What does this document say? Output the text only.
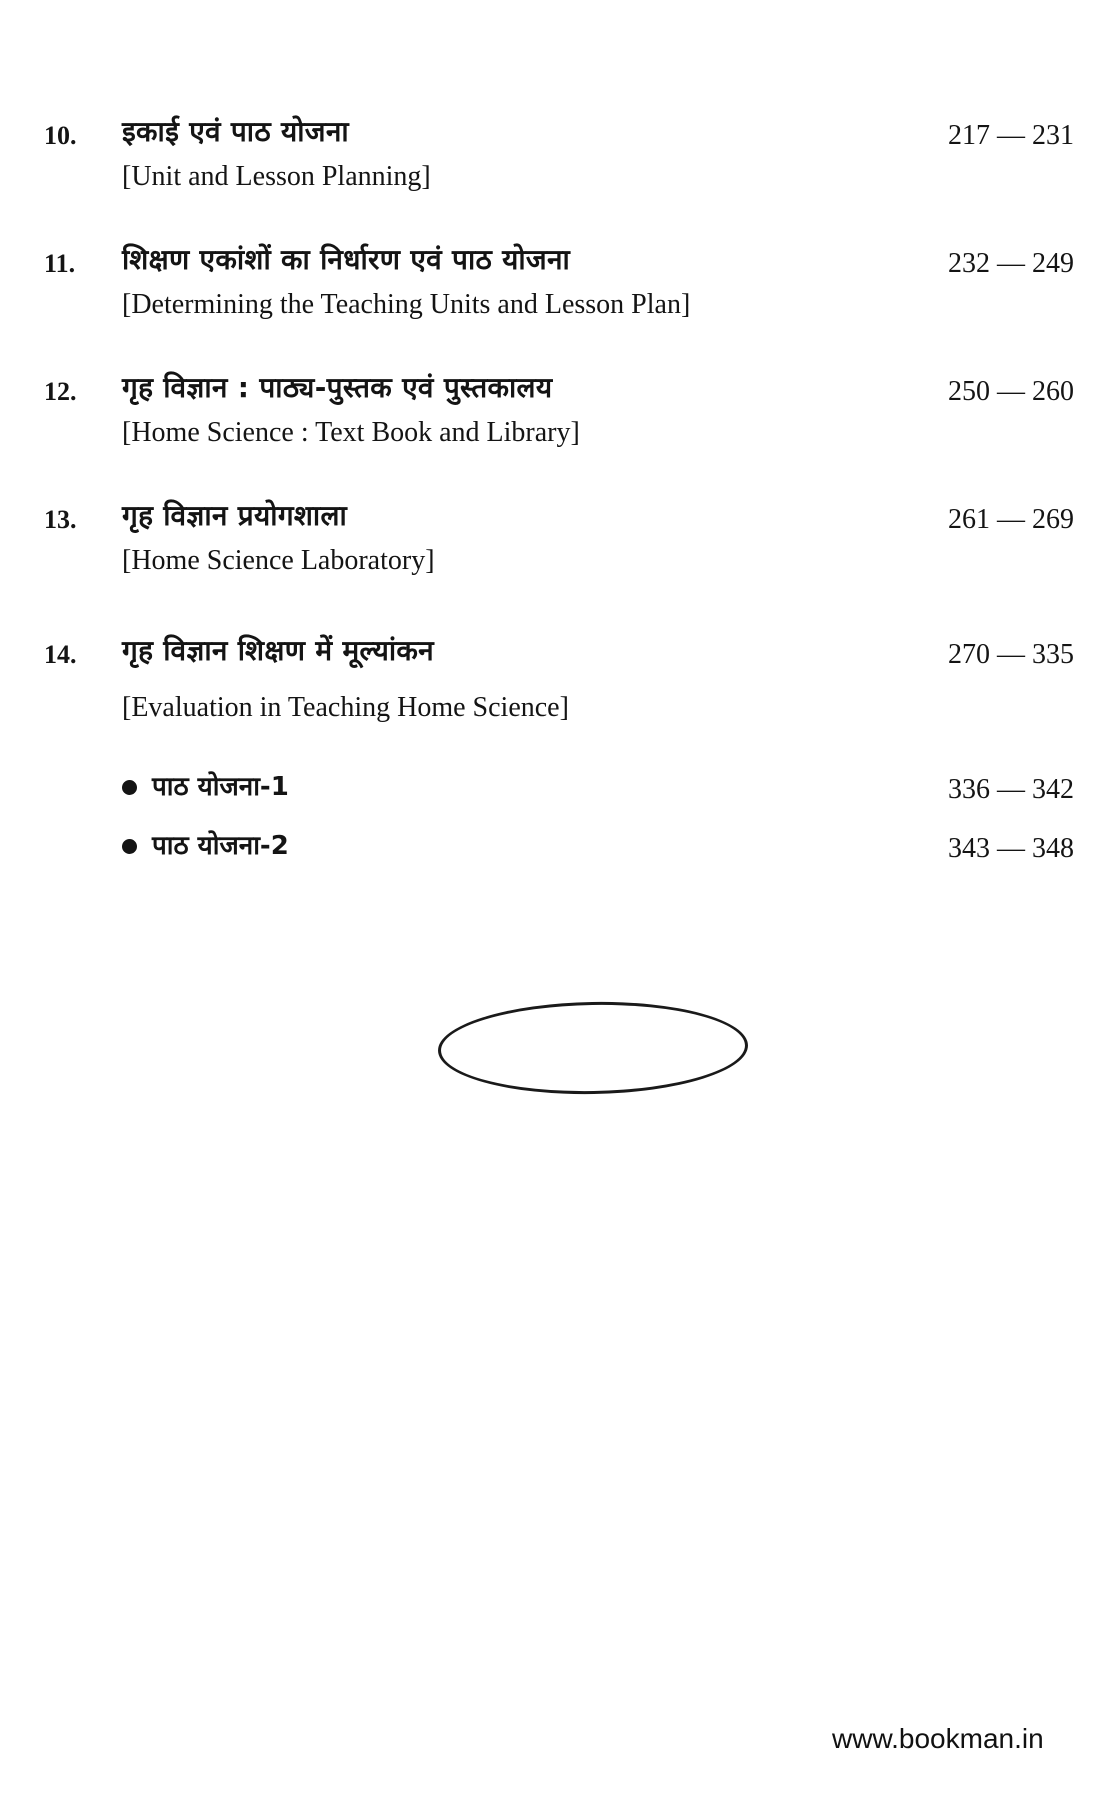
10. इकाई एवं पाठ योजना
[Unit and Lesson Planning]
217 — 231
11. शिक्षण एकांशों का निर्धारण एवं पाठ योजना
[Determining the Teaching Units and Lesson Plan]
232 — 249
12. गृह विज्ञान : पाठ्य-पुस्तक एवं पुस्तकालय
[Home Science : Text Book and Library]
250 — 260
13. गृह विज्ञान प्रयोगशाला
[Home Science Laboratory]
261 — 269
14. गृह विज्ञान शिक्षण में मूल्यांकन
[Evaluation in Teaching Home Science]
270 — 335
पाठ योजना-1	336 — 342
पाठ योजना-2	343 — 348
www.bookman.in
